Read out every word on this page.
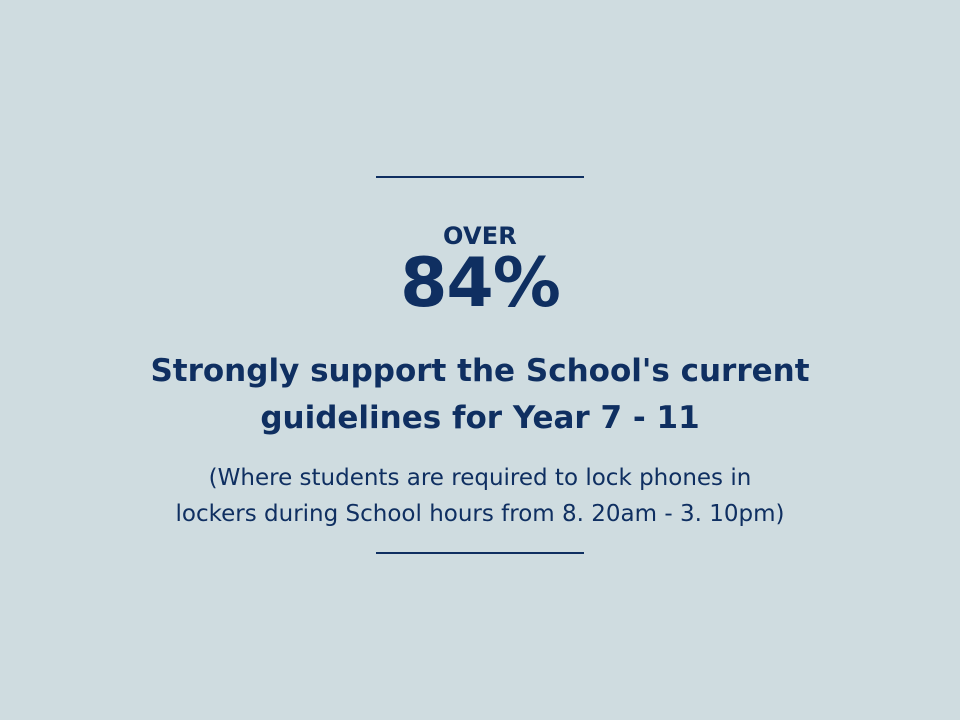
OVER
84%
Strongly support the School's current
guidelines for Year 7 - 11
(Where students are required to lock phones in
lockers during School hours from 8. 20am - 3. 10pm)
